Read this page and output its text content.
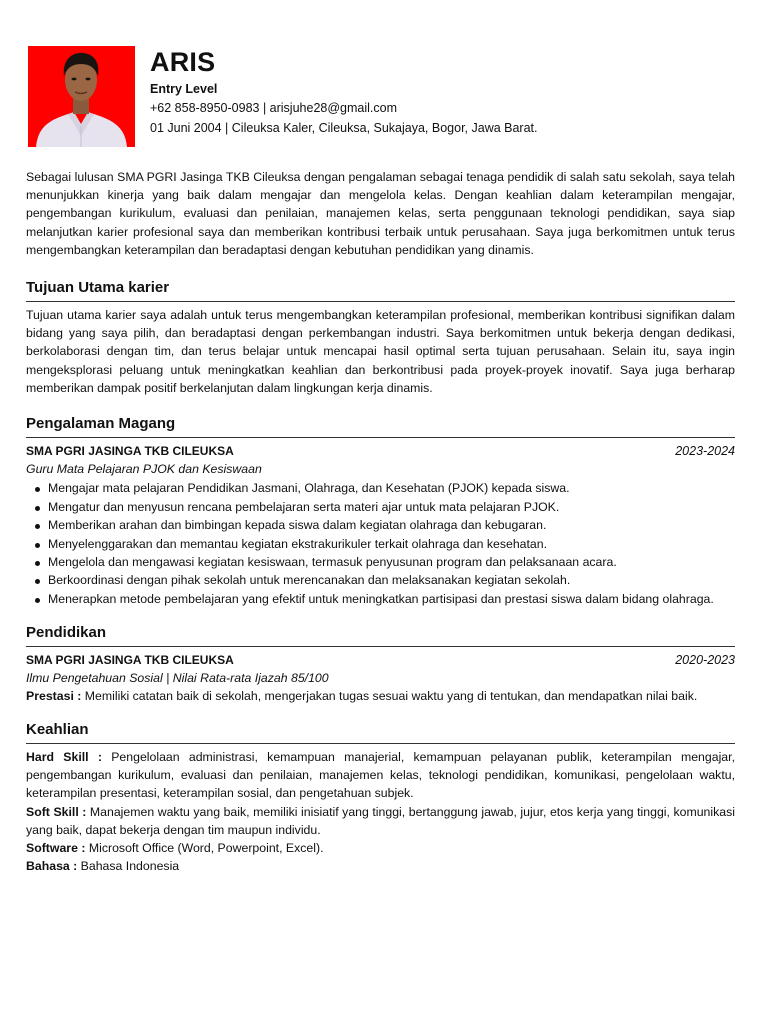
ARIS
Entry Level
+62 858-8950-0983 | arisjuhe28@gmail.com
01 Juni 2004 | Cileuksa Kaler, Cileuksa, Sukajaya, Bogor, Jawa Barat.

Sebagai lulusan SMA PGRI Jasinga TKB Cileuksa dengan pengalaman sebagai tenaga pendidik di salah satu sekolah, saya telah menunjukkan kinerja yang baik dalam mengajar dan mengelola kelas. Dengan keahlian dalam keterampilan mengajar, pengembangan kurikulum, evaluasi dan penilaian, manajemen kelas, serta penggunaan teknologi pendidikan, saya siap melanjutkan karier profesional saya dan memberikan kontribusi terbaik untuk perusahaan. Saya juga berkomitmen untuk terus mengembangkan keterampilan dan beradaptasi dengan kebutuhan pendidikan yang dinamis.

Tujuan Utama karier

Tujuan utama karier saya adalah untuk terus mengembangkan keterampilan profesional, memberikan kontribusi signifikan dalam bidang yang saya pilih, dan beradaptasi dengan perkembangan industri. Saya berkomitmen untuk bekerja dengan dedikasi, berkolaborasi dengan tim, dan terus belajar untuk mencapai hasil optimal serta tujuan perusahaan. Selain itu, saya ingin mengeksplorasi peluang untuk meningkatkan keahlian dan berkontribusi pada proyek-proyek inovatif. Saya juga berharap memberikan dampak positif berkelanjutan dalam lingkungan kerja dinamis.

Pengalaman Magang
SMA PGRI JASINGA TKB CILEUKSA	2023-2024
Guru Mata Pelajaran PJOK dan Kesiswaan
Mengajar mata pelajaran Pendidikan Jasmani, Olahraga, dan Kesehatan (PJOK) kepada siswa.
Mengatur dan menyusun rencana pembelajaran serta materi ajar untuk mata pelajaran PJOK.
Memberikan arahan dan bimbingan kepada siswa dalam kegiatan olahraga dan kebugaran.
Menyelenggarakan dan memantau kegiatan ekstrakurikuler terkait olahraga dan kesehatan.
Mengelola dan mengawasi kegiatan kesiswaan, termasuk penyusunan program dan pelaksanaan acara.
Berkoordinasi dengan pihak sekolah untuk merencanakan dan melaksanakan kegiatan sekolah.
Menerapkan metode pembelajaran yang efektif untuk meningkatkan partisipasi dan prestasi siswa dalam bidang olahraga.
Pendidikan
SMA PGRI JASINGA TKB CILEUKSA	2020-2023
Ilmu Pengetahuan Sosial | Nilai Rata-rata Ijazah 85/100
Prestasi : Memiliki catatan baik di sekolah, mengerjakan tugas sesuai waktu yang di tentukan, dan mendapatkan nilai baik.
Keahlian

Hard Skill : Pengelolaan administrasi, kemampuan manajerial, kemampuan pelayanan publik, keterampilan mengajar, pengembangan kurikulum, evaluasi dan penilaian, manajemen kelas, teknologi pendidikan, komunikasi, pengelolaan waktu, keterampilan presentasi, keterampilan sosial, dan pengetahuan subjek.

Soft Skill : Manajemen waktu yang baik, memiliki inisiatif yang tinggi, bertanggung jawab, jujur, etos kerja yang tinggi, komunikasi yang baik, dapat bekerja dengan tim maupun individu.

Software : Microsoft Office (Word, Powerpoint, Excel).

Bahasa : Bahasa Indonesia
